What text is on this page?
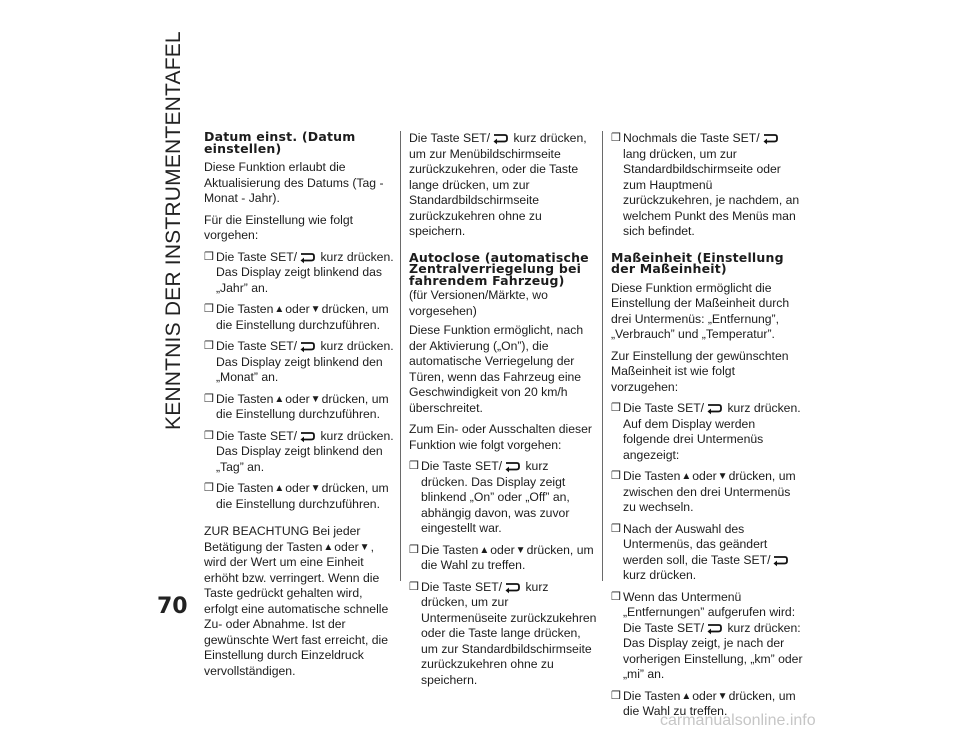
KENNTNIS DER INSTRUMENTENTAFEL
70
Datum einst. (Datum einstellen)

Diese Funktion erlaubt die Aktualisierung des Datums (Tag - Monat - Jahr).

Für die Einstellung wie folgt vorgehen:

❒ Die Taste SET/ kurz drücken. Das Display zeigt blinkend das „Jahr” an.
❒ Die Tasten▲oder▼drücken, um die Einstellung durchzuführen.
❒ Die Taste SET/ kurz drücken. Das Display zeigt blinkend den „Monat” an.
❒ Die Tasten▲oder▼drücken, um die Einstellung durchzuführen.
❒ Die Taste SET/ kurz drücken. Das Display zeigt blinkend den „Tag” an.
❒ Die Tasten▲oder▼drücken, um die Einstellung durchzuführen.

ZUR BEACHTUNG Bei jeder Betätigung der Tasten▲oder▼, wird der Wert um eine Einheit erhöht bzw. verringert. Wenn die Taste gedrückt gehalten wird, erfolgt eine automatische schnelle Zu- oder Abnahme. Ist der gewünschte Wert fast erreicht, die Einstellung durch Einzeldruck vervollständigen.

Die Taste SET/ kurz drücken, um zur Menübildschirmseite zurückzukehren, oder die Taste lange drücken, um zur Standardbildschirmseite zurückzukehren ohne zu speichern.

Autoclose (automatische Zentralverriegelung bei fahrendem Fahrzeug)

(für Versionen/Märkte, wo vorgesehen)

Diese Funktion ermöglicht, nach der Aktivierung („On”), die automatische Verriegelung der Türen, wenn das Fahrzeug eine Geschwindigkeit von 20 km/h überschreitet.

Zum Ein- oder Ausschalten dieser Funktion wie folgt vorgehen:

❒ Die Taste SET/ kurz drücken. Das Display zeigt blinkend „On” oder „Off” an, abhängig davon, was zuvor eingestellt war.
❒ Die Tasten▲oder▼drücken, um die Wahl zu treffen.
❒ Die Taste SET/ kurz drücken, um zur Untermenüseite zurückzukehren oder die Taste lange drücken, um zur Standardbildschirmseite zurückzukehren ohne zu speichern.
❒ Nochmals die Taste SET/ lang drücken, um zur Standardbildschirmseite oder zum Hauptmenü zurückzukehren, je nachdem, an welchem Punkt des Menüs man sich befindet.
Maßeinheit (Einstellung der Maßeinheit)

Diese Funktion ermöglicht die Einstellung der Maßeinheit durch drei Untermenüs: „Entfernung”, „Verbrauch” und „Temperatur”.

Zur Einstellung der gewünschten Maßeinheit ist wie folgt vorzugehen:

❒ Die Taste SET/ kurz drücken. Auf dem Display werden folgende drei Untermenüs angezeigt:
❒ Die Tasten▲oder▼drücken, um zwischen den drei Untermenüs zu wechseln.
❒ Nach der Auswahl des Untermenüs, das geändert werden soll, die Taste SET/ kurz drücken.
❒ Wenn das Untermenü „Entfernungen” aufgerufen wird: Die Taste SET/ kurz drücken: Das Display zeigt, je nach der vorherigen Einstellung, „km” oder „mi” an.
❒ Die Tasten▲oder▼drücken, um die Wahl zu treffen.
carmanualsonline.info
